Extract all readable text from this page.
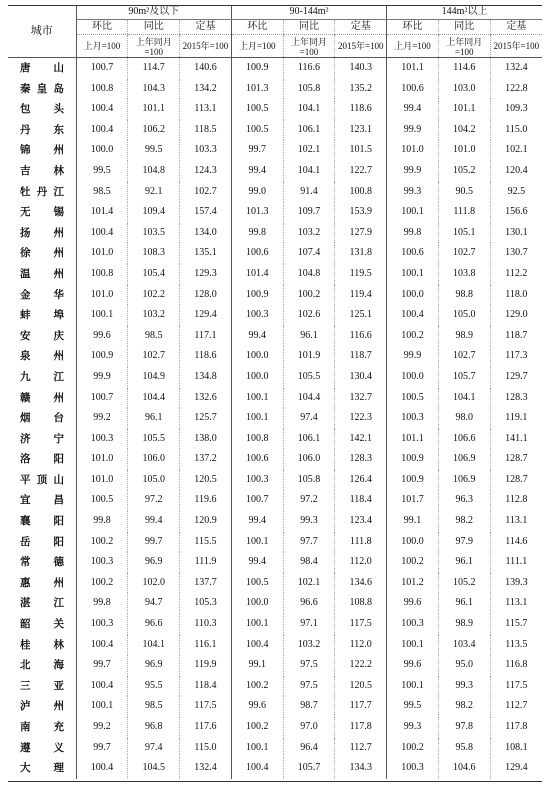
城市	90m²及以下			90-144m²			144m²以上		
	环比	同比	定基	环比	同比	定基	环比	同比	定基
	上月=100	上年同月=100	2015年=100	上月=100	上年同月=100	2015年=100	上月=100	上年同月=100	2015年=100
唐山	100.7	114.7	140.6	100.9	116.6	140.3	101.1	114.6	132.4
秦皇岛	100.8	104.3	134.2	101.3	105.8	135.2	100.6	103.0	122.8
包头	100.4	101.1	113.1	100.5	104.1	118.6	99.4	101.1	109.3
丹东	100.4	106.2	118.5	100.5	106.1	123.1	99.9	104.2	115.0
锦州	100.0	99.5	103.3	99.7	102.1	101.5	101.0	101.0	102.1
吉林	99.5	104.8	124.3	99.4	104.1	122.7	99.9	105.2	120.4
牡丹江	98.5	92.1	102.7	99.0	91.4	100.8	99.3	90.5	92.5
无锡	101.4	109.4	157.4	101.3	109.7	153.9	100.1	111.8	156.6
扬州	100.4	103.5	134.0	99.8	103.2	127.9	99.8	105.1	130.1
徐州	101.0	108.3	135.1	100.6	107.4	131.8	100.6	102.7	130.7
温州	100.8	105.4	129.3	101.4	104.8	119.5	100.1	103.8	112.2
金华	101.0	102.2	128.0	100.9	100.2	119.4	100.0	98.8	118.0
蚌埠	100.1	103.2	129.4	100.3	102.6	125.1	100.4	105.0	129.0
安庆	99.6	98.5	117.1	99.4	96.1	116.6	100.2	98.9	118.7
泉州	100.9	102.7	118.6	100.0	101.9	118.7	99.9	102.7	117.3
九江	99.9	104.9	134.8	100.0	105.5	130.4	100.0	105.7	129.7
赣州	100.7	104.4	132.6	100.1	104.4	132.7	100.5	104.1	128.3
烟台	99.2	96.1	125.7	100.1	97.4	122.3	100.3	98.0	119.1
济宁	100.3	105.5	138.0	100.8	106.1	142.1	101.1	106.6	141.1
洛阳	101.0	106.0	137.2	100.6	106.0	128.3	100.9	106.9	128.7
平顶山	101.0	105.0	120.5	100.3	105.8	126.4	100.9	106.9	128.7
宜昌	100.5	97.2	119.6	100.7	97.2	118.4	101.7	96.3	112.8
襄阳	99.8	99.4	120.9	99.4	99.3	123.4	99.1	98.2	113.1
岳阳	100.2	99.7	115.5	100.1	97.7	111.8	100.0	97.9	114.6
常德	100.3	96.9	111.9	99.4	98.4	112.0	100.2	96.1	111.1
惠州	100.2	102.0	137.7	100.5	102.1	134.6	101.2	105.2	139.3
湛江	99.8	94.7	105.3	100.0	96.6	108.8	99.6	96.1	113.1
韶关	100.3	96.6	110.3	100.1	97.1	117.5	100.3	98.9	115.7
桂林	100.4	104.1	116.1	100.4	103.2	112.0	100.1	103.4	113.5
北海	99.7	96.9	119.9	99.1	97.5	122.2	99.6	95.0	116.8
三亚	100.4	95.5	118.4	100.2	97.5	120.5	100.1	99.3	117.5
泸州	100.1	98.5	117.5	99.6	98.7	117.7	99.5	98.2	112.7
南充	99.2	96.8	117.6	100.2	97.0	117.8	99.3	97.8	117.8
遵义	99.7	97.4	115.0	100.1	96.4	112.7	100.2	95.8	108.1
大理	100.4	104.5	132.4	100.4	105.7	134.3	100.3	104.6	129.4
